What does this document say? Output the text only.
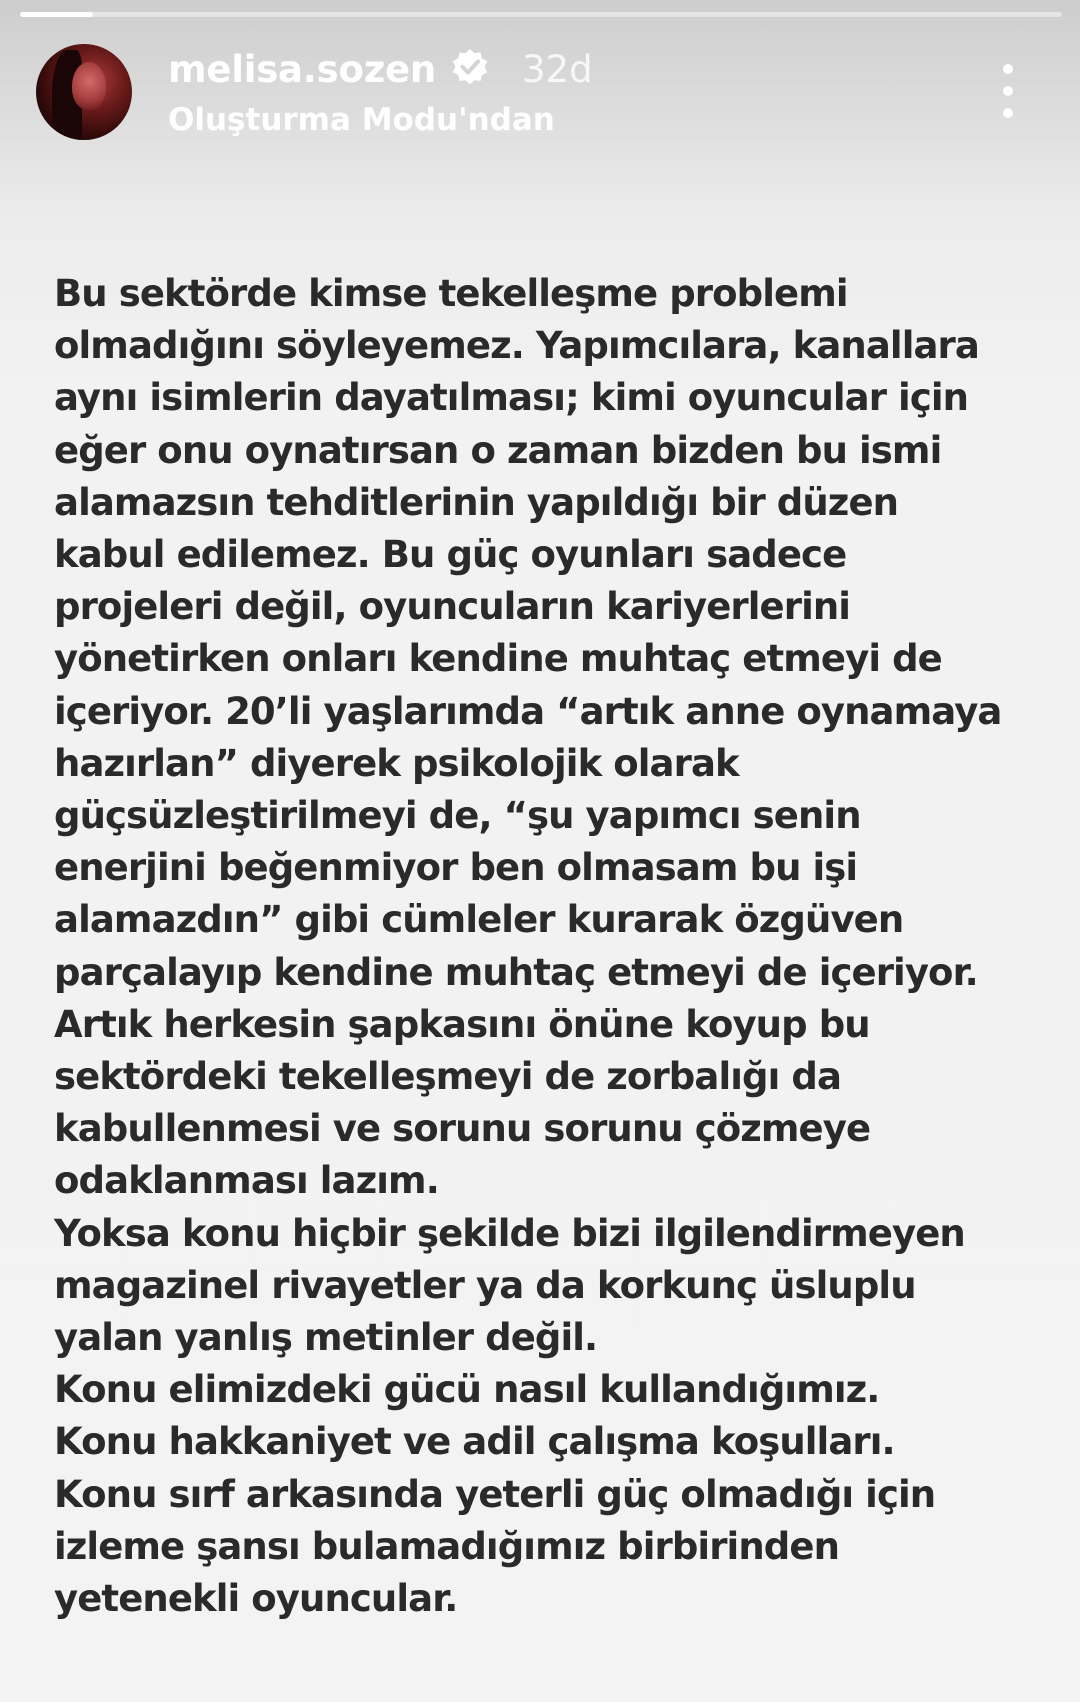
melisa.sozen 32d
Oluşturma Modu'ndan

Bu sektörde kimse tekelleşme problemi
olmadığını söyleyemez. Yapımcılara, kanallara
aynı isimlerin dayatılması; kimi oyuncular için
eğer onu oynatırsan o zaman bizden bu ismi
alamazsın tehditlerinin yapıldığı bir düzen
kabul edilemez. Bu güç oyunları sadece
projeleri değil, oyuncuların kariyerlerini
yönetirken onları kendine muhtaç etmeyi de
içeriyor. 20’li yaşlarımda “artık anne oynamaya
hazırlan” diyerek psikolojik olarak
güçsüzleştirilmeyi de, “şu yapımcı senin
enerjini beğenmiyor ben olmasam bu işi
alamazdın” gibi cümleler kurarak özgüven
parçalayıp kendine muhtaç etmeyi de içeriyor.
Artık herkesin şapkasını önüne koyup bu
sektördeki tekelleşmeyi de zorbalığı da
kabullenmesi ve sorunu sorunu çözmeye
odaklanması lazım.
Yoksa konu hiçbir şekilde bizi ilgilendirmeyen
magazinel rivayetler ya da korkunç üsluplu
yalan yanlış metinler değil.
Konu elimizdeki gücü nasıl kullandığımız.
Konu hakkaniyet ve adil çalışma koşulları.
Konu sırf arkasında yeterli güç olmadığı için
izleme şansı bulamadığımız birbirinden
yetenekli oyuncular.
